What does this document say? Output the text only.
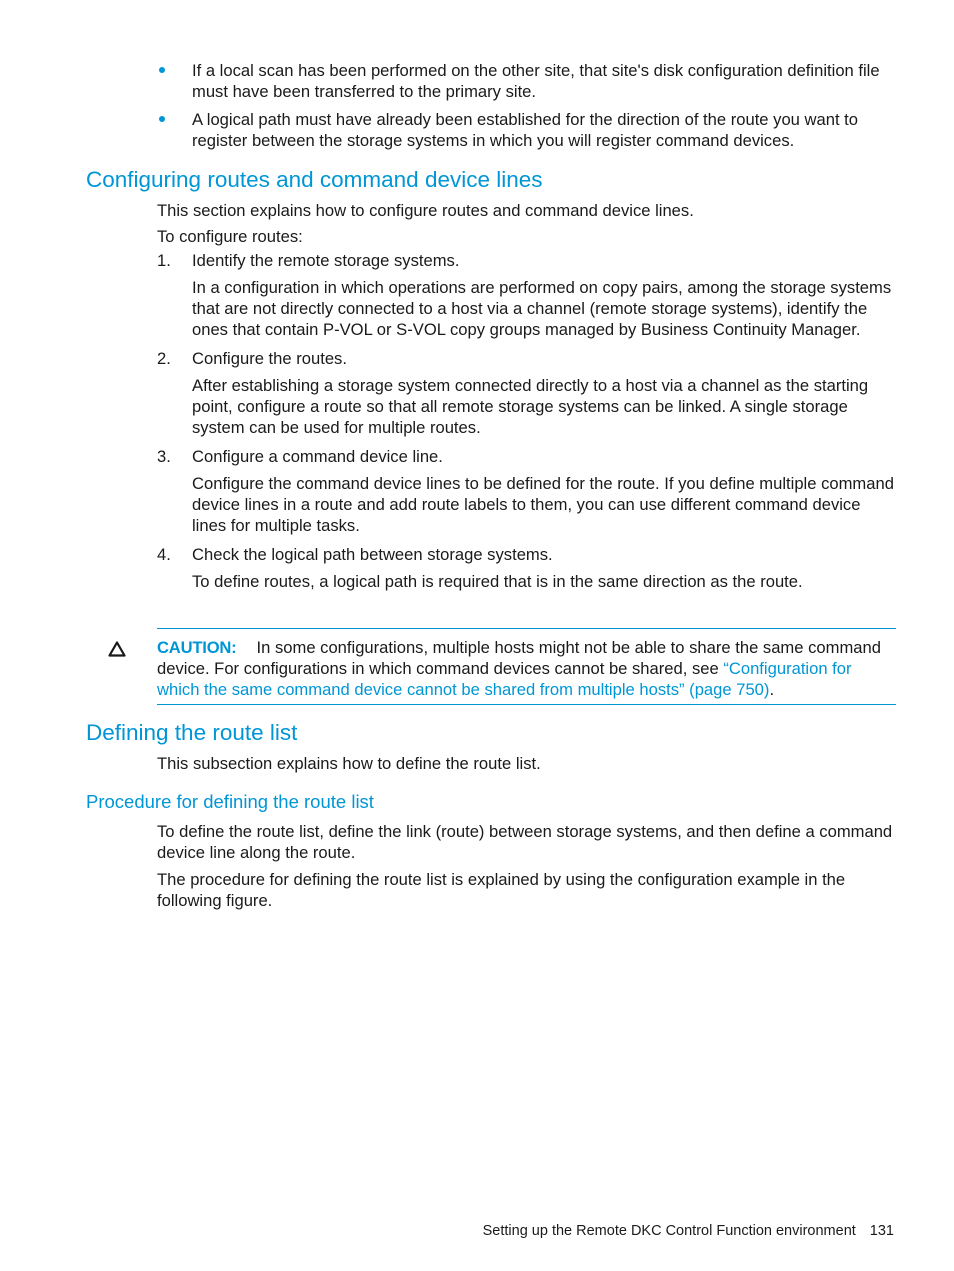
If a local scan has been performed on the other site, that site's disk configuration definition file must have been transferred to the primary site.
A logical path must have already been established for the direction of the route you want to register between the storage systems in which you will register command devices.
Configuring routes and command device lines

This section explains how to configure routes and command device lines.

To configure routes:

1. Identify the remote storage systems.
In a configuration in which operations are performed on copy pairs, among the storage systems that are not directly connected to a host via a channel (remote storage systems), identify the ones that contain P-VOL or S-VOL copy groups managed by Business Continuity Manager.
2. Configure the routes.
After establishing a storage system connected directly to a host via a channel as the starting point, configure a route so that all remote storage systems can be linked. A single storage system can be used for multiple routes.
3. Configure a command device line.
Configure the command device lines to be defined for the route. If you define multiple command device lines in a route and add route labels to them, you can use different command device lines for multiple tasks.
4. Check the logical path between storage systems.
To define routes, a logical path is required that is in the same direction as the route.
CAUTION: In some configurations, multiple hosts might not be able to share the same command device. For configurations in which command devices cannot be shared, see “Configuration for which the same command device cannot be shared from multiple hosts” (page 750).
Defining the route list

This subsection explains how to define the route list.

Procedure for defining the route list

To define the route list, define the link (route) between storage systems, and then define a command device line along the route.

The procedure for defining the route list is explained by using the configuration example in the following figure.

Setting up the Remote DKC Control Function environment 131
